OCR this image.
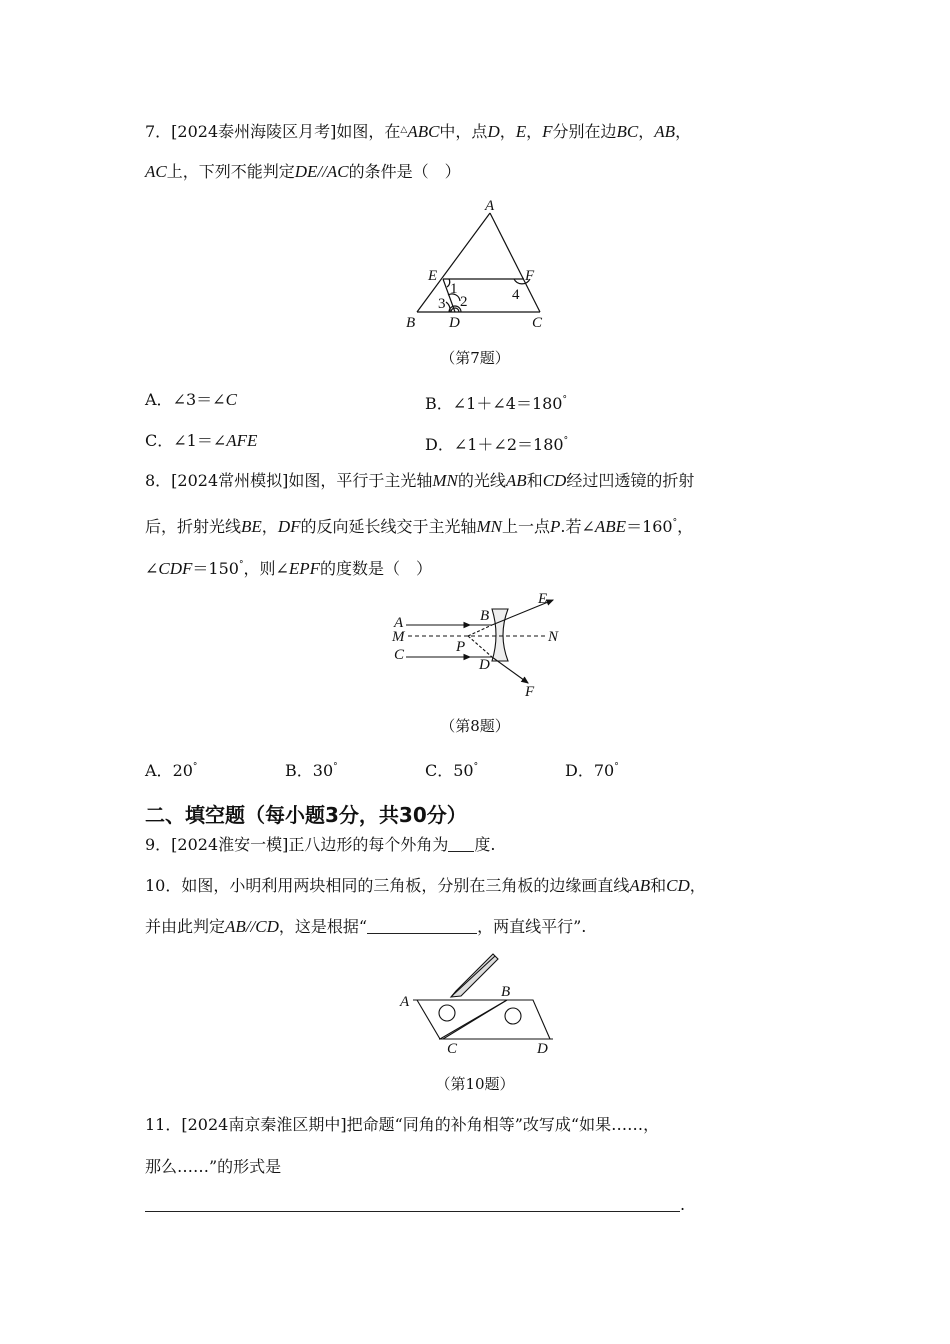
7．[2024泰州海陵区月考]如图，在△ABC中，点D，E，F分别在边BC，AB，
AC上，下列不能判定DE//AC的条件是（　）
A
E	F
B D	C
1
2
3
4
（第7题）
A．∠3＝∠C	B．∠1＋∠4＝180°
C．∠1＝∠AFE	D．∠1＋∠2＝180°
8．[2024常州模拟]如图，平行于主光轴MN的光线AB和CD经过凹透镜的折射
后，折射光线BE，DF的反向延长线交于主光轴MN上一点P.若∠ABE＝160°，
∠CDF＝150°，则∠EPF的度数是（　）
A
M
C
B
D
P
N
E
F
（第8题）
A．20°	B．30°	C．50°	D．70°
二、填空题（每小题3分，共30分）
9．[2024淮安一模]正八边形的每个外角为 度.
10．如图，小明利用两块相同的三角板，分别在三角板的边缘画直线AB和CD，
并由此判定AB//CD，这是根据“	，两直线平行”.
A
B
C	D
（第10题）
11．[2024南京秦淮区期中]把命题“同角的补角相等”改写成“如果……，
那么……”的形式是
.
